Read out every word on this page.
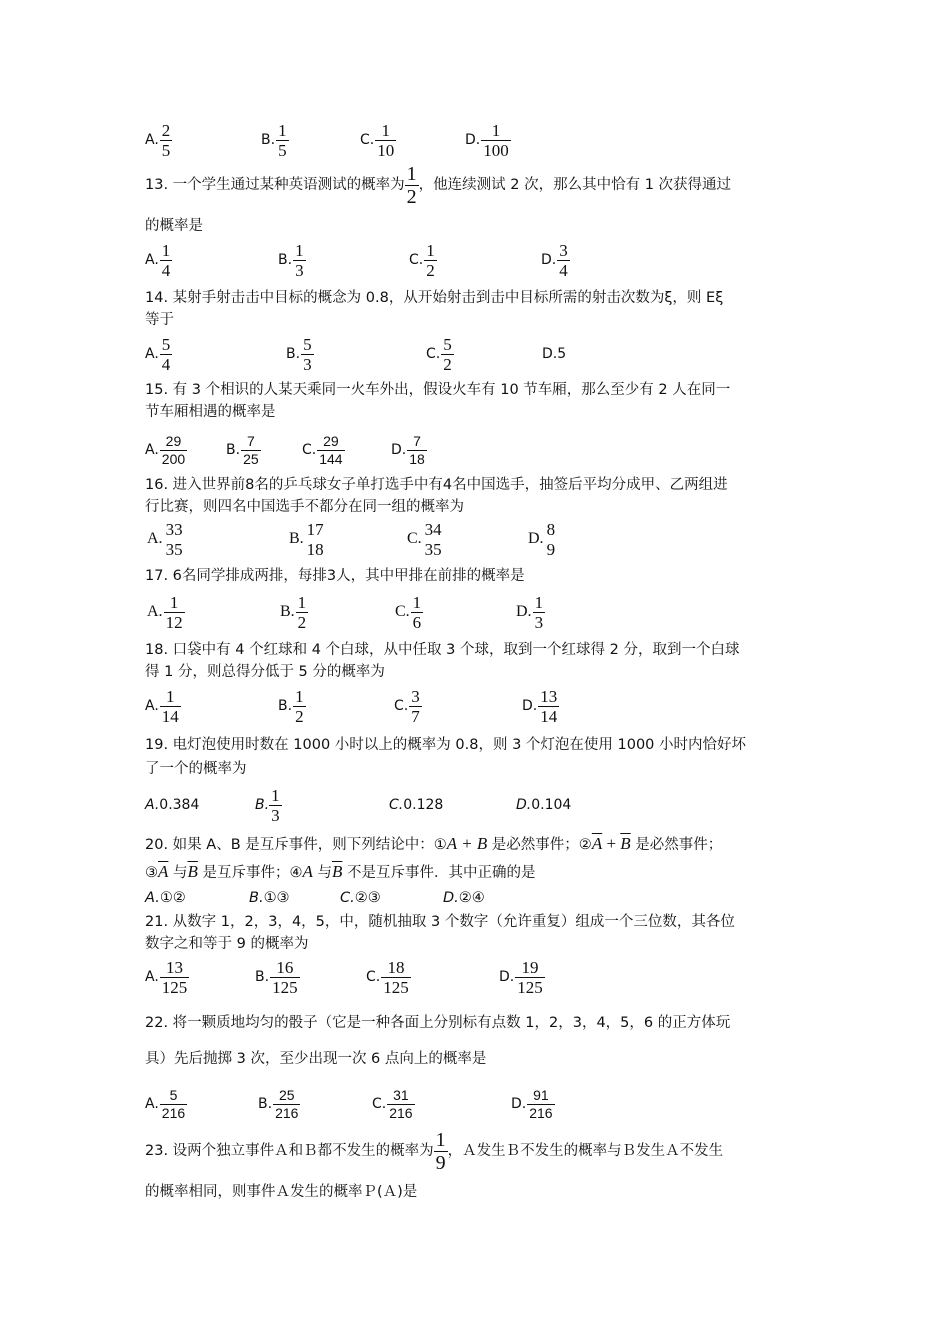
A. $\frac{2}{5}$	B. $\frac{1}{5}$	C. $\frac{1}{10}$	D. $\frac{1}{100}$
13. 一个学生通过某种英语测试的概率为 $\frac{1}{2}$ ，他连续测试 2 次，那么其中恰有 1 次获得通过
的概率是
A. $\frac{1}{4}$	B. $\frac{1}{3}$	C. $\frac{1}{2}$	D. $\frac{3}{4}$
14. 某射手射击击中目标的概念为 0.8，从开始射击到击中目标所需的射击次数为ξ，则 Eξ
等于
A. $\frac{5}{4}$	B. $\frac{5}{3}$	C. $\frac{5}{2}$	D.5
15. 有 3 个相识的人某天乘同一火车外出，假设火车有 10 节车厢，那么至少有 2 人在同一
节车厢相遇的概率是
A. $\frac{29}{200}$	B. $\frac{7}{25}$	C. $\frac{29}{144}$	D. $\frac{7}{18}$
16. 进入世界前8名的乒乓球女子单打选手中有4名中国选手，抽签后平均分成甲、乙两组进
行比赛，则四名中国选手不都分在同一组的概率为
A. 33
35
B. 17
18
C. 34
35
D. 8
9
17. 6名同学排成两排，每排3人，其中甲排在前排的概率是
A. $\frac{1}{12}$	B. $\frac{1}{2}$	C. $\frac{1}{6}$	D. $\frac{1}{3}$
18. 口袋中有 4 个红球和 4 个白球，从中任取 3 个球，取到一个红球得 2 分，取到一个白球
得 1 分，则总得分低于 5 分的概率为
A. $\frac{1}{14}$	B. $\frac{1}{2}$	C. $\frac{3}{7}$	D. $\frac{13}{14}$
19. 电灯泡使用时数在 1000 小时以上的概率为 0.8，则 3 个灯泡在使用 1000 小时内恰好坏
了一个的概率为
A. 0.384	B. $\frac{1}{3}$	C. 0.128	D. 0.104
20. 如果 A、B 是互斥事件，则下列结论中：①A + B 是必然事件；$②\overline{A} + \overline{B}$ 是必然事件；
$③\overline{A}$ 与$\overline{B}$ 是互斥事件；④A 与$\overline{B}$ 不是互斥事件．其中正确的是
A.①②	B.①③	C.②③	D.②④
21. 从数字 1，2，3，4，5，中，随机抽取 3 个数字（允许重复）组成一个三位数，其各位
数字之和等于 9 的概率为
A. $\frac{13}{125}$	B. $\frac{16}{125}$	C. $\frac{18}{125}$	D. $\frac{19}{125}$
22. 将一颗质地均匀的骰子（它是一种各面上分别标有点数 1，2，3，4，5，6 的正方体玩
具）先后抛掷 3 次，至少出现一次 6 点向上的概率是
A. $\frac{5}{216}$	B. $\frac{25}{216}$	C. $\frac{31}{216}$	D. $\frac{91}{216}$
23. 设两个独立事件Ａ和Ｂ都不发生的概率为 $\frac{1}{9}$ ，Ａ发生Ｂ不发生的概率与Ｂ发生Ａ不发生
的概率相同，则事件Ａ发生的概率Ｐ(Ａ)是
